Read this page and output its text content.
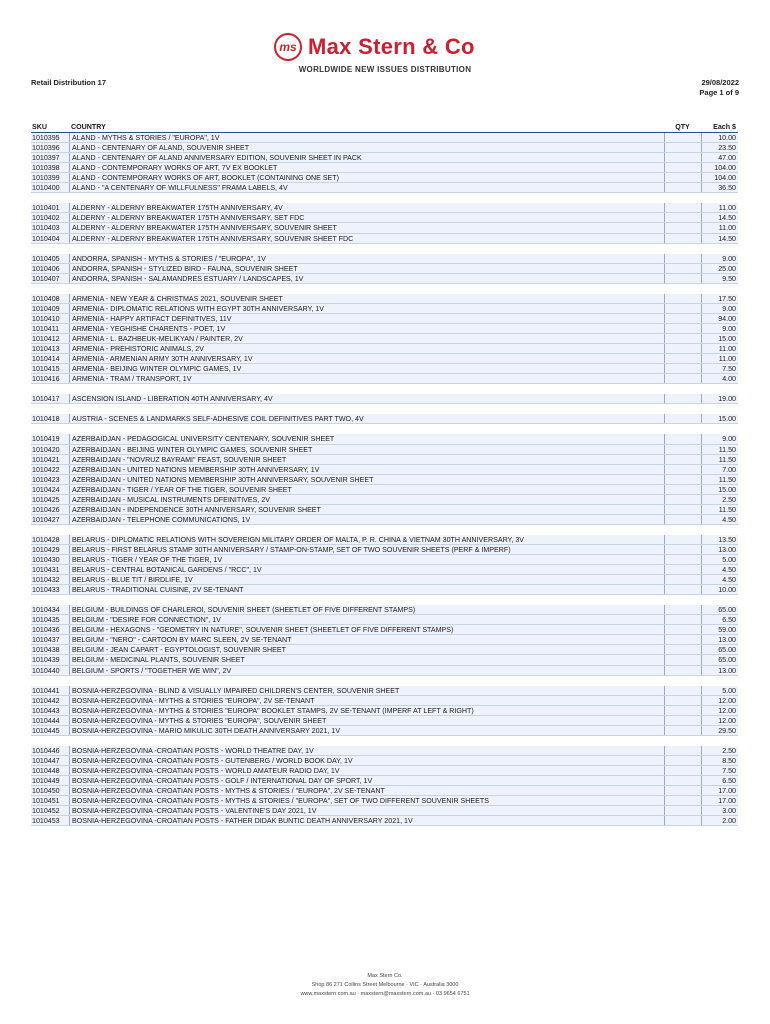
ms Max Stern & Co
WORLDWIDE NEW ISSUES DISTRIBUTION
Retail Distribution 17	29/08/2022
Page 1 of 9
SKU	COUNTRY	QTY	Each $
1010395	ALAND - MYTHS & STORIES / "EUROPA", 1V	10.00
1010396	ALAND - CENTENARY OF ALAND, SOUVENIR SHEET	23.50
1010397	ALAND - CENTENARY OF ALAND ANNIVERSARY EDITION, SOUVENIR SHEET IN PACK	47.00
1010398	ALAND - CONTEMPORARY WORKS OF ART, 7V EX BOOKLET	104.00
1010399	ALAND - CONTEMPORARY WORKS OF ART, BOOKLET (CONTAINING ONE SET)	104.00
1010400	ALAND - "A CENTENARY OF WILLFULNESS" FRAMA LABELS, 4V	36.50
1010401	ALDERNY - ALDERNY BREAKWATER 175TH ANNIVERSARY, 4V	11.00
1010402	ALDERNY - ALDERNY BREAKWATER 175TH ANNIVERSARY, SET FDC	14.50
1010403	ALDERNY - ALDERNY BREAKWATER 175TH ANNIVERSARY, SOUVENIR SHEET	11.00
1010404	ALDERNY - ALDERNY BREAKWATER 175TH ANNIVERSARY, SOUVENIR SHEET FDC	14.50
1010405	ANDORRA, SPANISH - MYTHS & STORIES / "EUROPA", 1V	9.00
1010406	ANDORRA, SPANISH - STYLIZED BIRD - FAUNA, SOUVENIR SHEET	25.00
1010407	ANDORRA, SPANISH - SALAMANDRES ESTUARY / LANDSCAPES, 1V	9.50
1010408	ARMENIA - NEW YEAR & CHRISTMAS 2021, SOUVENIR SHEET	17.50
1010409	ARMENIA - DIPLOMATIC RELATIONS WITH EGYPT 30TH ANNIVERSARY, 1V	9.00
1010410	ARMENIA - HAPPY ARTIFACT DEFINITIVES, 11V	94.00
1010411	ARMENIA - YEGHISHE CHARENTS - POET, 1V	9.00
1010412	ARMENIA - L. BAZHBEUK-MELIKYAN / PAINTER, 2V	15.00
1010413	ARMENIA - PREHISTORIC ANIMALS, 2V	11.00
1010414	ARMENIA - ARMENIAN ARMY 30TH ANNIVERSARY, 1V	11.00
1010415	ARMENIA - BEIJING WINTER OLYMPIC GAMES, 1V	7.50
1010416	ARMENIA - TRAM / TRANSPORT, 1V	4.00
1010417	ASCENSION ISLAND - LIBERATION 40TH ANNIVERSARY, 4V	19.00
1010418	AUSTRIA - SCENES & LANDMARKS SELF-ADHESIVE COIL DEFINITIVES PART TWO, 4V	15.00
1010419	AZERBAIDJAN - PEDAGOGICAL UNIVERSITY CENTENARY, SOUVENIR SHEET	9.00
1010420	AZERBAIDJAN - BEIJING WINTER OLYMPIC GAMES, SOUVENIR SHEET	11.50
1010421	AZERBAIDJAN - "NOVRUZ BAYRAMI" FEAST, SOUVENIR SHEET	11.50
1010422	AZERBAIDJAN - UNITED NATIONS MEMBERSHIP 30TH ANNIVERSARY, 1V	7.00
1010423	AZERBAIDJAN - UNITED NATIONS MEMBERSHIP 30TH ANNIVERSARY, SOUVENIR SHEET	11.50
1010424	AZERBAIDJAN - TIGER / YEAR OF THE TIGER, SOUVENIR SHEET	15.00
1010425	AZERBAIDJAN - MUSICAL INSTRUMENTS DFEINITIVES, 2V	2.50
1010426	AZERBAIDJAN - INDEPENDENCE 30TH ANNIVERSARY, SOUVENIR SHEET	11.50
1010427	AZERBAIDJAN - TELEPHONE COMMUNICATIONS, 1V	4.50
1010428	BELARUS - DIPLOMATIC RELATIONS WITH SOVEREIGN MILITARY ORDER OF MALTA, P. R. CHINA & VIETNAM 30TH ANNIVERSARY, 3V	13.50
1010429	BELARUS - FIRST BELARUS STAMP 30TH ANNIVERSARY / STAMP-ON-STAMP, SET OF TWO SOUVENIR SHEETS (PERF & IMPERF)	13.00
1010430	BELARUS - TIGER / YEAR OF THE TIGER, 1V	5.00
1010431	BELARUS - CENTRAL BOTANICAL GARDENS / "RCC", 1V	4.50
1010432	BELARUS - BLUE TIT / BIRDLIFE, 1V	4.50
1010433	BELARUS - TRADITIONAL CUISINE, 2V SE-TENANT	10.00
1010434	BELGIUM - BUILDINGS OF CHARLEROI, SOUVENIR SHEET (SHEETLET OF FIVE DIFFERENT STAMPS)	65.00
1010435	BELGIUM - "DESIRE FOR CONNECTION", 1V	6.50
1010436	BELGIUM - HEXAGONS - "GEOMETRY IN NATURE", SOUVENIR SHEET (SHEETLET OF FIVE DIFFERENT STAMPS)	59.00
1010437	BELGIUM - "NERO" - CARTOON BY MARC SLEEN, 2V SE-TENANT	13.00
1010438	BELGIUM - JEAN CAPART - EGYPTOLOGIST, SOUVENIR SHEET	65.00
1010439	BELGIUM - MEDICINAL PLANTS, SOUVENIR SHEET	65.00
1010440	BELGIUM - SPORTS / "TOGETHER WE WIN", 2V	13.00
1010441	BOSNIA-HERZEGOVINA - BLIND & VISUALLY IMPAIRED CHILDREN'S CENTER, SOUVENIR SHEET	5.00
1010442	BOSNIA-HERZEGOVINA - MYTHS & STORIES "EUROPA", 2V SE-TENANT	12.00
1010443	BOSNIA-HERZEGOVINA - MYTHS & STORIES "EUROPA" BOOKLET STAMPS, 2V SE-TENANT (IMPERF AT LEFT & RIGHT)	12.00
1010444	BOSNIA-HERZEGOVINA - MYTHS & STORIES "EUROPA", SOUVENIR SHEET	12.00
1010445	BOSNIA-HERZEGOVINA - MARIO MIKULIC 30TH DEATH ANNIVERSARY 2021, 1V	29.50
1010446	BOSNIA-HERZEGOVINA -CROATIAN POSTS - WORLD THEATRE DAY, 1V	2.50
1010447	BOSNIA-HERZEGOVINA -CROATIAN POSTS - GUTENBERG / WORLD BOOK DAY, 1V	8.50
1010448	BOSNIA-HERZEGOVINA -CROATIAN POSTS - WORLD AMATEUR RADIO DAY, 1V	7.50
1010449	BOSNIA-HERZEGOVINA -CROATIAN POSTS - GOLF / INTERNATIONAL DAY OF SPORT, 1V	6.50
1010450	BOSNIA-HERZEGOVINA -CROATIAN POSTS - MYTHS & STORIES / "EUROPA", 2V SE-TENANT	17.00
1010451	BOSNIA-HERZEGOVINA -CROATIAN POSTS - MYTHS & STORIES / "EUROPA", SET OF TWO DIFFERENT SOUVENIR SHEETS	17.00
1010452	BOSNIA-HERZEGOVINA -CROATIAN POSTS - VALENTINE'S DAY 2021, 1V	3.00
1010453	BOSNIA-HERZEGOVINA -CROATIAN POSTS - FATHER DIDAK BUNTIC DEATH ANNIVERSARY 2021, 1V	2.00
Max Stern Co.
Shop 86 271 Collins Street Melbourne · VIC · Australia 3000
www.maxstern.com.au · maxstern@maxstern.com.au · 03 9654 6751
